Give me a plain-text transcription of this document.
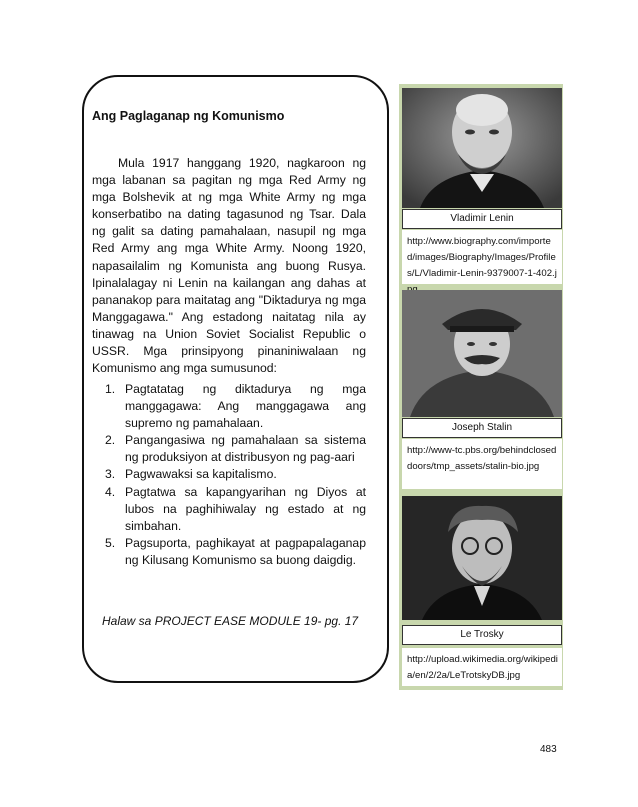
Ang Paglaganap ng Komunismo

Mula 1917 hanggang 1920, nagkaroon ng mga labanan sa pagitan ng mga Red Army ng mga Bolshevik at ng mga White Army ng mga konserbatibo na dating tagasunod ng Tsar. Dala ng galit sa dating pamahalaan, nasupil ng mga Red Army ang mga White Army. Noong 1920, napasailalim ng Komunista ang buong Rusya. Ipinalalagay ni Lenin na kailangan ang dahas at pananakop para maitatag ang "Diktadurya ng mga Manggagawa." Ang estadong naitatag nila ay tinawag na Union Soviet Socialist Republic o USSR. Mga prinsipyong pinaniniwalaan ng Komunismo ang mga sumusunod:

1. Pagtatatag ng diktadurya ng mga manggagawa: Ang manggagawa ang supremo ng pamahalaan.
2. Pangangasiwa ng pamahalaan sa sistema ng produksiyon at distribusyon ng pag-aari
3. Pagwawaksi sa kapitalismo.
4. Pagtatwa sa kapangyarihan ng Diyos at lubos na paghihiwalay ng estado at ng simbahan.
5. Pagsuporta, paghikayat at pagpapalaganap ng Kilusang Komunismo sa buong daigdig.
Halaw sa PROJECT EASE MODULE 19- pg. 17
Vladimir Lenin
http://www.biography.com/imported/images/Biography/Images/Profiles/L/Vladimir-Lenin-9379007-1-402.j
Joseph Stalin
http://www-tc.pbs.org/behindcloseddoors/tmp_assets/stalin-bio.jpg
Le Trosky
http://upload.wikimedia.org/wikipedia/en/2/2a/LeTrotskyDB.jpg
483
